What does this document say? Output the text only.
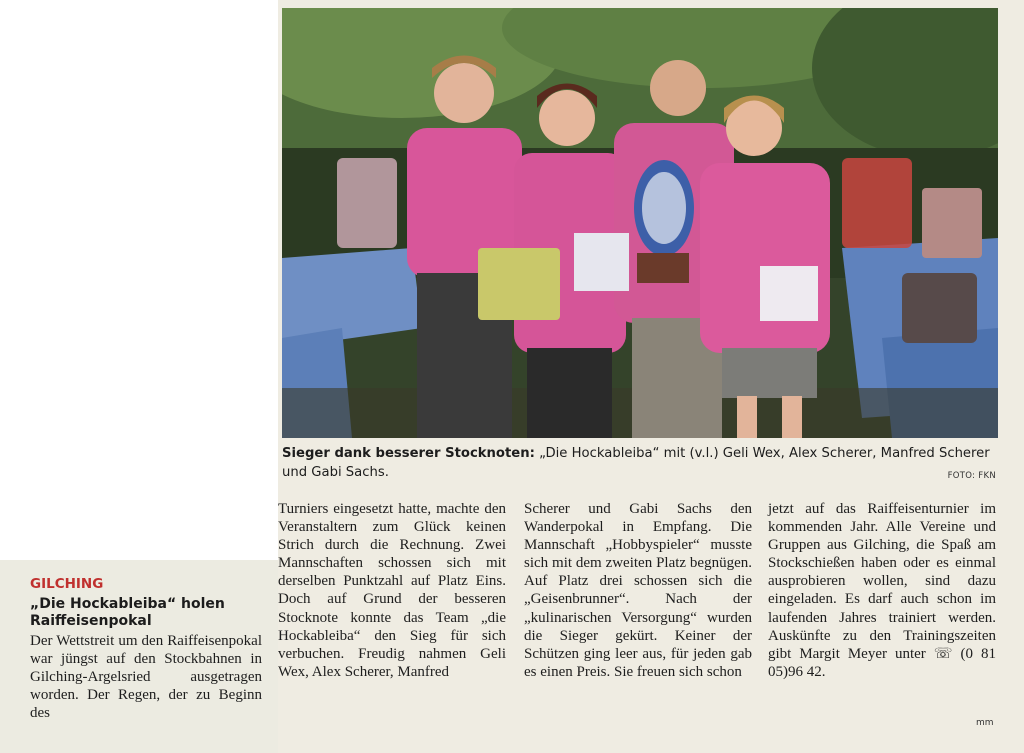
Sieger dank besserer Stocknoten: „Die Hockableiba“ mit (v.l.) Geli Wex, Alex Scherer, Manfred Scherer und Gabi Sachs.	FOTO: FKN
GILCHING
„Die Hockableiba“ holen Raiffeisenpokal

Der Wettstreit um den Raiffeisenpokal war jüngst auf den Stockbahnen in Gilching-Argelsried ausgetragen worden. Der Regen, der zu Beginn des

Turniers eingesetzt hatte, machte den Veranstaltern zum Glück keinen Strich durch die Rechnung. Zwei Mannschaften schossen sich mit derselben Punktzahl auf Platz Eins. Doch auf Grund der besseren Stocknote konnte das Team „die Hockableiba“ den Sieg für sich verbuchen. Freudig nahmen Geli Wex, Alex Scherer, Manfred

Scherer und Gabi Sachs den Wanderpokal in Empfang. Die Mannschaft „Hobbyspieler“ musste sich mit dem zweiten Platz begnügen. Auf Platz drei schossen sich die „Geisenbrunner“. Nach der „kulinarischen Versorgung“ wurden die Sieger gekürt. Keiner der Schützen ging leer aus, für jeden gab es einen Preis. Sie freuen sich schon

jetzt auf das Raiffeisenturnier im kommenden Jahr. Alle Vereine und Gruppen aus Gilching, die Spaß am Stockschießen haben oder es einmal ausprobieren wollen, sind dazu eingeladen. Es darf auch schon im laufenden Jahres trainiert werden. Auskünfte zu den Trainingszeiten gibt Margit Meyer unter ☏ (0 81 05)96 42.

mm
